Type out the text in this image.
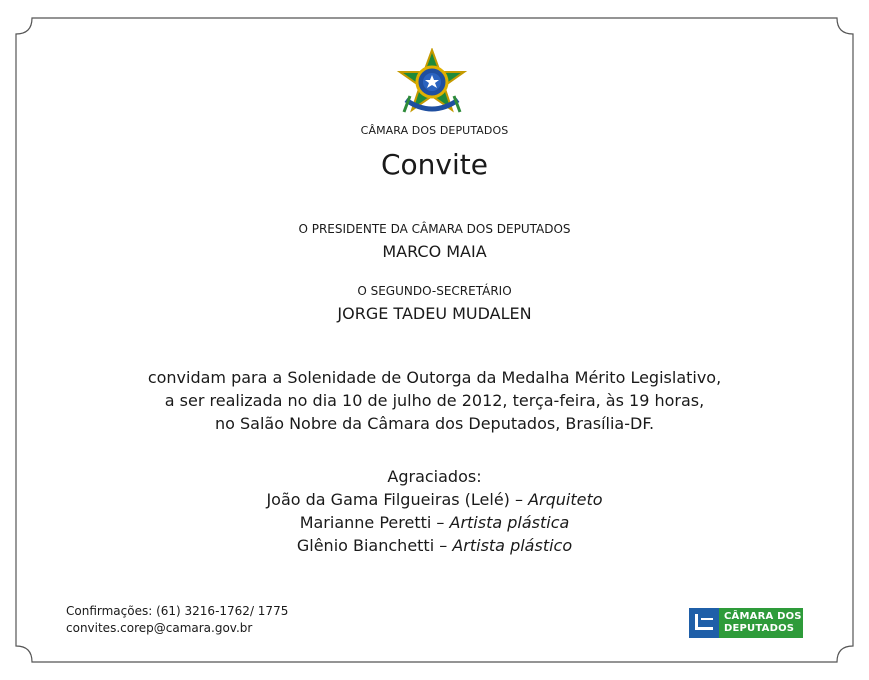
CÂMARA DOS DEPUTADOS
Convite
O PRESIDENTE DA CÂMARA DOS DEPUTADOS
MARCO MAIA
O SEGUNDO-SECRETÁRIO
JORGE TADEU MUDALEN
convidam para a Solenidade de Outorga da Medalha Mérito Legislativo,
a ser realizada no dia 10 de julho de 2012, terça-feira, às 19 horas,
no Salão Nobre da Câmara dos Deputados, Brasília-DF.
Agraciados:
João da Gama Filgueiras (Lelé) – Arquiteto
Marianne Peretti – Artista plástica
Glênio Bianchetti – Artista plástico
Confirmações: (61) 3216-1762/ 1775
convites.corep@camara.gov.br
CÂMARA DOS
DEPUTADOS
